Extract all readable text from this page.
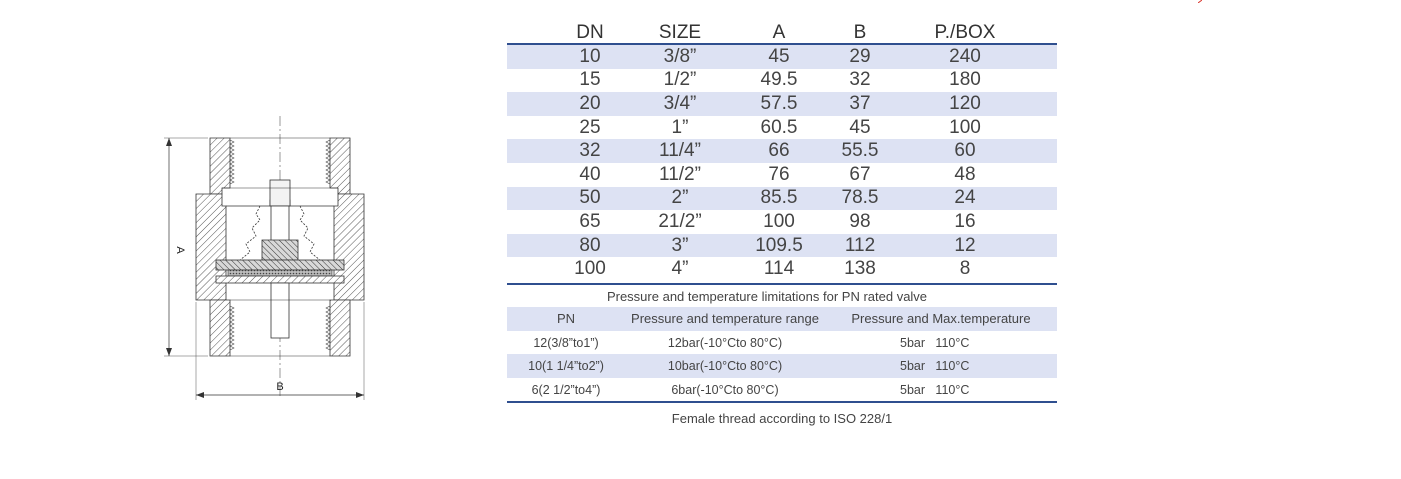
A
B
DN	SIZE	A	B	P./BOX
10	3/8”	45	29	240
15	1/2”	49.5	32	180
20	3/4”	57.5	37	120
25	1”	60.5	45	100
32	11/4”	66	55.5	60
40	11/2”	76	67	48
50	2”	85.5	78.5	24
65	21/2”	100	98	16
80	3”	109.5	112	12
100	4”	114	138	8
Pressure and temperature limitations for PN rated valve
PN	Pressure and temperature range	Pressure and Max.temperature
12(3/8”to1”)	12bar(-10°Cto 80°C)	5bar   110°C
10(1 1/4”to2”)	10bar(-10°Cto 80°C)	5bar   110°C
6(2 1/2”to4”)	6bar(-10°Cto 80°C)	5bar   110°C
Female thread according to ISO 228/1
